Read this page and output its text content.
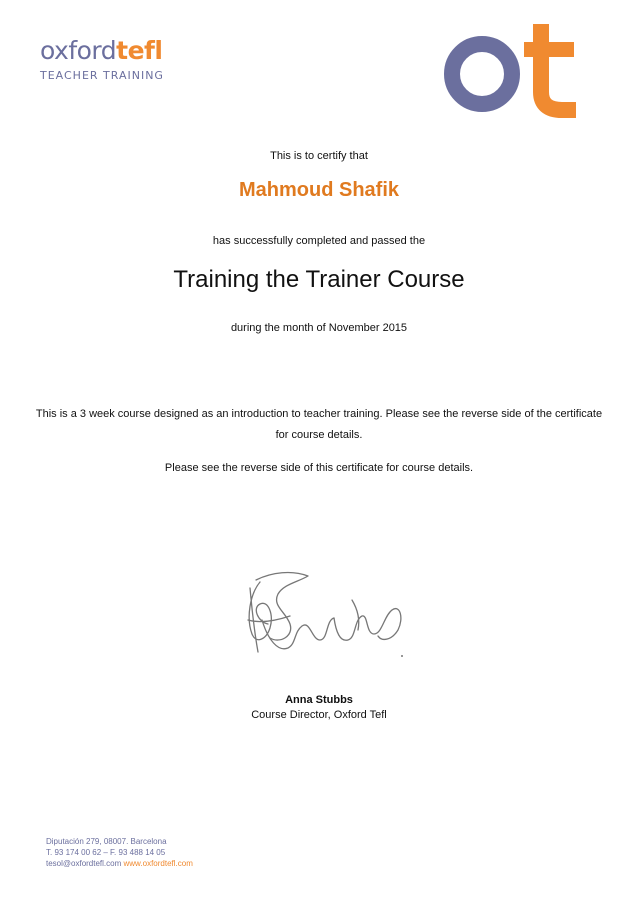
oxfordtefl
TEACHER TRAINING
This is to certify that
Mahmoud Shafik
has successfully completed and passed the
Training the Trainer Course
during the month of November 2015
This is a 3 week course designed as an introduction to teacher training. Please see the reverse side of the certificate for course details.
Please see the reverse side of this certificate for course details.
Anna Stubbs
Course Director, Oxford Tefl
Diputación 279, 08007. Barcelona
T. 93 174 00 62 – F. 93 488 14 05
tesol@oxfordtefl.com www.oxfordtefl.com
